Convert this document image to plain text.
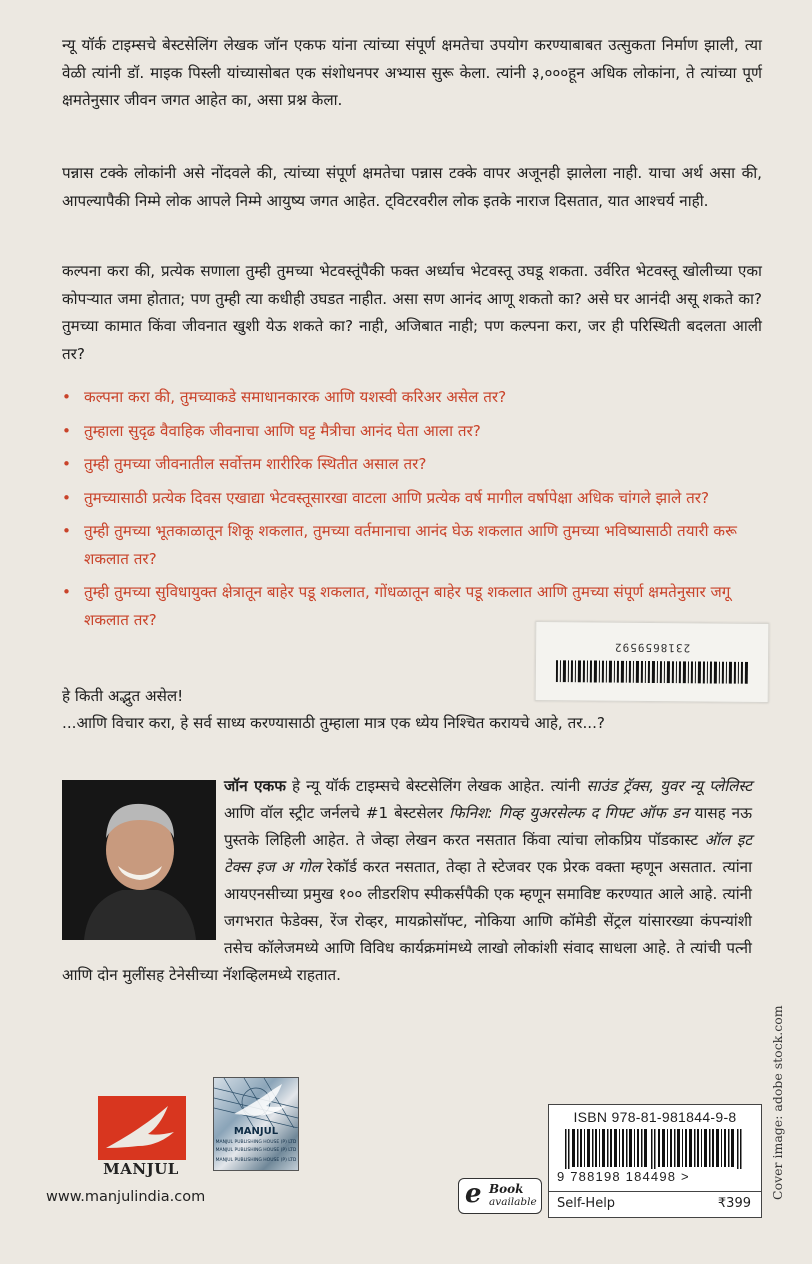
न्यू यॉर्क टाइम्सचे बेस्टसेलिंग लेखक जॉन एकफ यांना त्यांच्या संपूर्ण क्षमतेचा उपयोग करण्याबाबत उत्सुकता निर्माण झाली, त्या वेळी त्यांनी डॉ. माइक पिस्ली यांच्यासोबत एक संशोधनपर अभ्यास सुरू केला. त्यांनी ३,०००हून अधिक लोकांना, ते त्यांच्या पूर्ण क्षमतेनुसार जीवन जगत आहेत का, असा प्रश्न केला.

पन्नास टक्के लोकांनी असे नोंदवले की, त्यांच्या संपूर्ण क्षमतेचा पन्नास टक्के वापर अजूनही झालेला नाही. याचा अर्थ असा की, आपल्यापैकी निम्मे लोक आपले निम्मे आयुष्य जगत आहेत. ट्विटरवरील लोक इतके नाराज दिसतात, यात आश्चर्य नाही.

कल्पना करा की, प्रत्येक सणाला तुम्ही तुमच्या भेटवस्तूंपैकी फक्त अर्ध्याच भेटवस्तू उघडू शकता. उर्वरित भेटवस्तू खोलीच्या एका कोपऱ्यात जमा होतात; पण तुम्ही त्या कधीही उघडत नाहीत. असा सण आनंद आणू शकतो का? असे घर आनंदी असू शकते का? तुमच्या कामात किंवा जीवनात खुशी येऊ शकते का? नाही, अजिबात नाही; पण कल्पना करा, जर ही परिस्थिती बदलता आली तर?

• कल्पना करा की, तुमच्याकडे समाधानकारक आणि यशस्वी करिअर असेल तर?
• तुम्हाला सुदृढ वैवाहिक जीवनाचा आणि घट्ट मैत्रीचा आनंद घेता आला तर?
• तुम्ही तुमच्या जीवनातील सर्वोत्तम शारीरिक स्थितीत असाल तर?
• तुमच्यासाठी प्रत्येक दिवस एखाद्या भेटवस्तूसारखा वाटला आणि प्रत्येक वर्ष मागील वर्षापेक्षा अधिक चांगले झाले तर?
• तुम्ही तुमच्या भूतकाळातून शिकू शकलात, तुमच्या वर्तमानाचा आनंद घेऊ शकलात आणि तुमच्या भविष्यासाठी तयारी करू शकलात तर?
• तुम्ही तुमच्या सुविधायुक्त क्षेत्रातून बाहेर पडू शकलात, गोंधळातून बाहेर पडू शकलात आणि तुमच्या संपूर्ण क्षमतेनुसार जगू शकलात तर?
2318659592

हे किती अद्भुत असेल!
...आणि विचार करा, हे सर्व साध्य करण्यासाठी तुम्हाला मात्र एक ध्येय निश्चित करायचे आहे, तर...?

जॉन एकफ हे न्यू यॉर्क टाइम्सचे बेस्टसेलिंग लेखक आहेत. त्यांनी साउंड ट्रॅक्स, युवर न्यू प्लेलिस्ट आणि वॉल स्ट्रीट जर्नलचे #1 बेस्टसेलर फिनिश: गिव्ह युअरसेल्फ द गिफ्ट ऑफ डन यासह नऊ पुस्तके लिहिली आहेत. ते जेव्हा लेखन करत नसतात किंवा त्यांचा लोकप्रिय पॉडकास्ट ऑल इट टेक्स इज अ गोल रेकॉर्ड करत नसतात, तेव्हा ते स्टेजवर एक प्रेरक वक्ता म्हणून असतात. त्यांना आयएनसीच्या प्रमुख १०० लीडरशिप स्पीकर्सपैकी एक म्हणून समाविष्ट करण्यात आले आहे. त्यांनी जगभरात फेडेक्स, रेंज रोव्हर, मायक्रोसॉफ्ट, नोकिया आणि कॉमेडी सेंट्रल यांसारख्या कंपन्यांशी तसेच कॉलेजमध्ये आणि विविध कार्यक्रमांमध्ये लाखो लोकांशी संवाद साधला आहे. ते त्यांची पत्नी आणि दोन मुलींसह टेनेसीच्या नॅशव्हिलमध्ये राहतात.

Cover image: adobe stock.com
MANJUL
MANJUL
MANJUL PUBLISHING HOUSE (P) LTD
MANJUL PUBLISHING HOUSE (P) LTD
MANJUL PUBLISHING HOUSE (P) LTD
www.manjulindia.com	e Book
available
ISBN 978-81-981844-9-8
9 788198 184498 >
Self-Help	₹399
